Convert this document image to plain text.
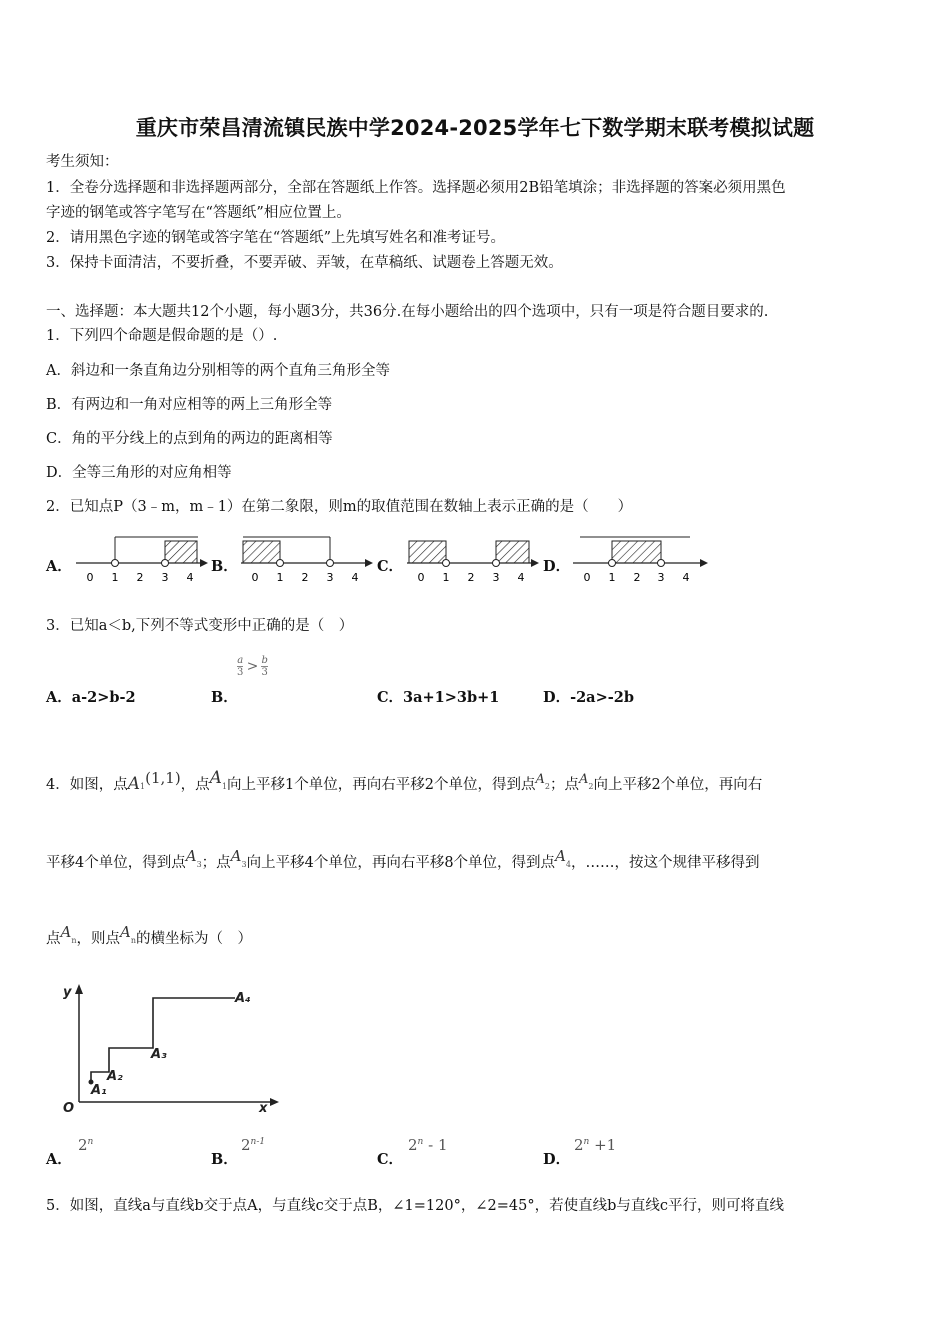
重庆市荣昌清流镇民族中学2024-2025学年七下数学期末联考模拟试题
考生须知：
1．全卷分选择题和非选择题两部分，全部在答题纸上作答。选择题必须用2B铅笔填涂；非选择题的答案必须用黑色
字迹的钢笔或答字笔写在“答题纸”相应位置上。
2．请用黑色字迹的钢笔或答字笔在“答题纸”上先填写姓名和准考证号。
3．保持卡面清洁，不要折叠，不要弄破、弄皱，在草稿纸、试题卷上答题无效。
一、选择题：本大题共12个小题，每小题3分，共36分.在每小题给出的四个选项中，只有一项是符合题目要求的.
1．下列四个命题是假命题的是（）.
A．斜边和一条直角边分别相等的两个直角三角形全等
B．有两边和一角对应相等的两上三角形全等
C．角的平分线上的点到角的两边的距离相等
D．全等三角形的对应角相等
2．已知点P（3﹣m，m﹣1）在第二象限，则m的取值范围在数轴上表示正确的是（　　）
A．	B．	C．	D．
0 1 2 3 4	0 1 2 3 4	0 1 2 3 4	0 1 2 3 4
3．已知a＜b,下列不等式变形中正确的是（　）
A．a-2>b-2	B．
$\frac{a}{3} > \frac{b}{3}$
C．3a+1>3b+1	D．-2a>-2b
4．如图，点A1(1,1)，点A1向上平移1个单位，再向右平移2个单位，得到点A2；点A2向上平移2个单位，再向右
平移4个单位，得到点A3；点A3向上平移4个单位，再向右平移8个单位，得到点A4，……，按这个规律平移得到
点An，则点An的横坐标为（　）
y
x
O
A₁
A₂
A₃
A₄
A．
2$^n$
B．
2$^{n-1}$
C．
2$^n$ - 1
D．
$2^n +1$
5．如图，直线a与直线b交于点A，与直线c交于点B，∠1=120°，∠2=45°，若使直线b与直线c平行，则可将直线
